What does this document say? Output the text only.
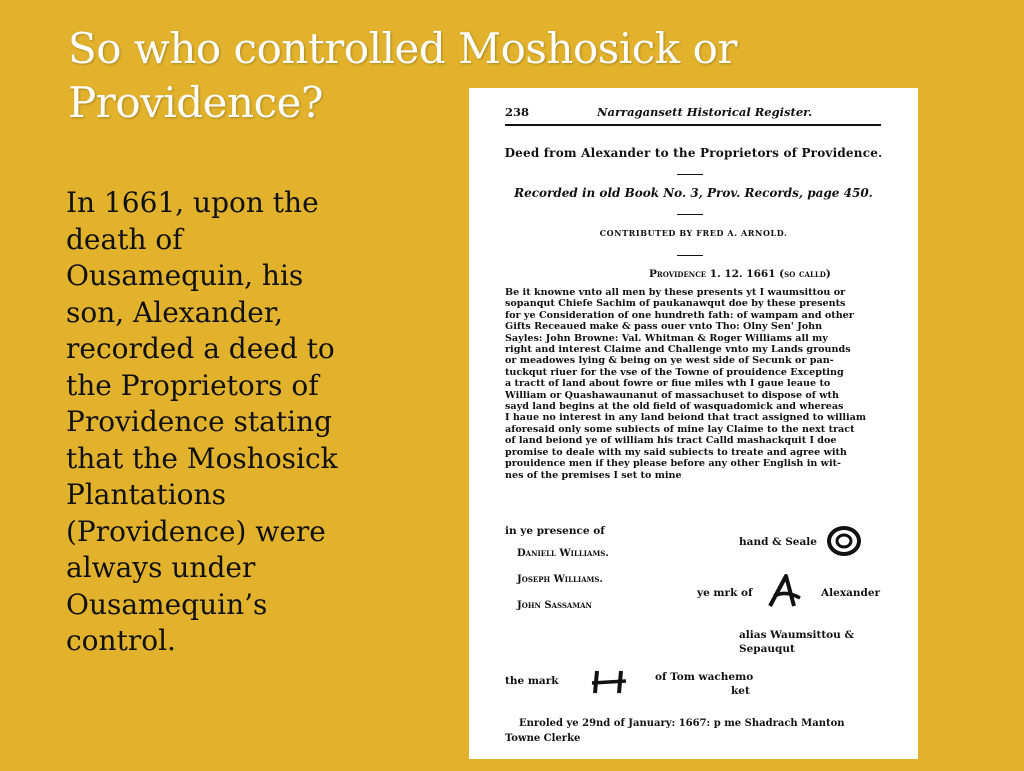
So who controlled Moshosick or
Providence?
In 1661, upon the
death of
Ousamequin, his
son, Alexander,
recorded a deed to
the Proprietors of
Providence stating
that the Moshosick
Plantations
(Providence) were
always under
Ousamequin’s
control.
238	Narragansett Historical Register.
Deed from Alexander to the Proprietors of Providence.
Recorded in old Book No. 3, Prov. Records, page 450.
CONTRIBUTED BY FRED A. ARNOLD.
Providence 1. 12. 1661 (so calld)
Be it knowne vnto all men by these presents yt I waumsittou or
sopanqut Chiefe Sachim of paukanawqut doe by these presents
for ye Consideration of one hundreth fath: of wampam and other
Gifts Receaued make & pass ouer vnto Tho: Olny Sen' John
Sayles: John Browne: Val. Whitman & Roger Williams all my
right and interest Claime and Challenge vnto my Lands grounds
or meadowes lying & being on ye west side of Secunk or pan-
tuckqut riuer for the vse of the Towne of prouidence Excepting
a tractt of land about fowre or fiue miles wth I gaue leaue to
William or Quashawaunanut of massachuset to dispose of wth
sayd land begins at the old field of wasquadomick and whereas
I haue no interest in any land beiond that tract assigned to william
aforesaid only some subiects of mine lay Claime to the next tract
of land beiond ye of william his tract Calld mashackquit I doe
promise to deale with my said subiects to treate and agree with
prouidence men if they please before any other English in wit-
nes of the premises I set to mine
in ye presence of
hand & Seale
Daniell Williams.
Joseph Williams.
John Sassaman
ye mrk of	Alexander
alias Waumsittou &
Sepauqut
the mark	of Tom wachemo
ket
Enroled ye 29nd of January: 1667: p me Shadrach Manton
Towne Clerke
